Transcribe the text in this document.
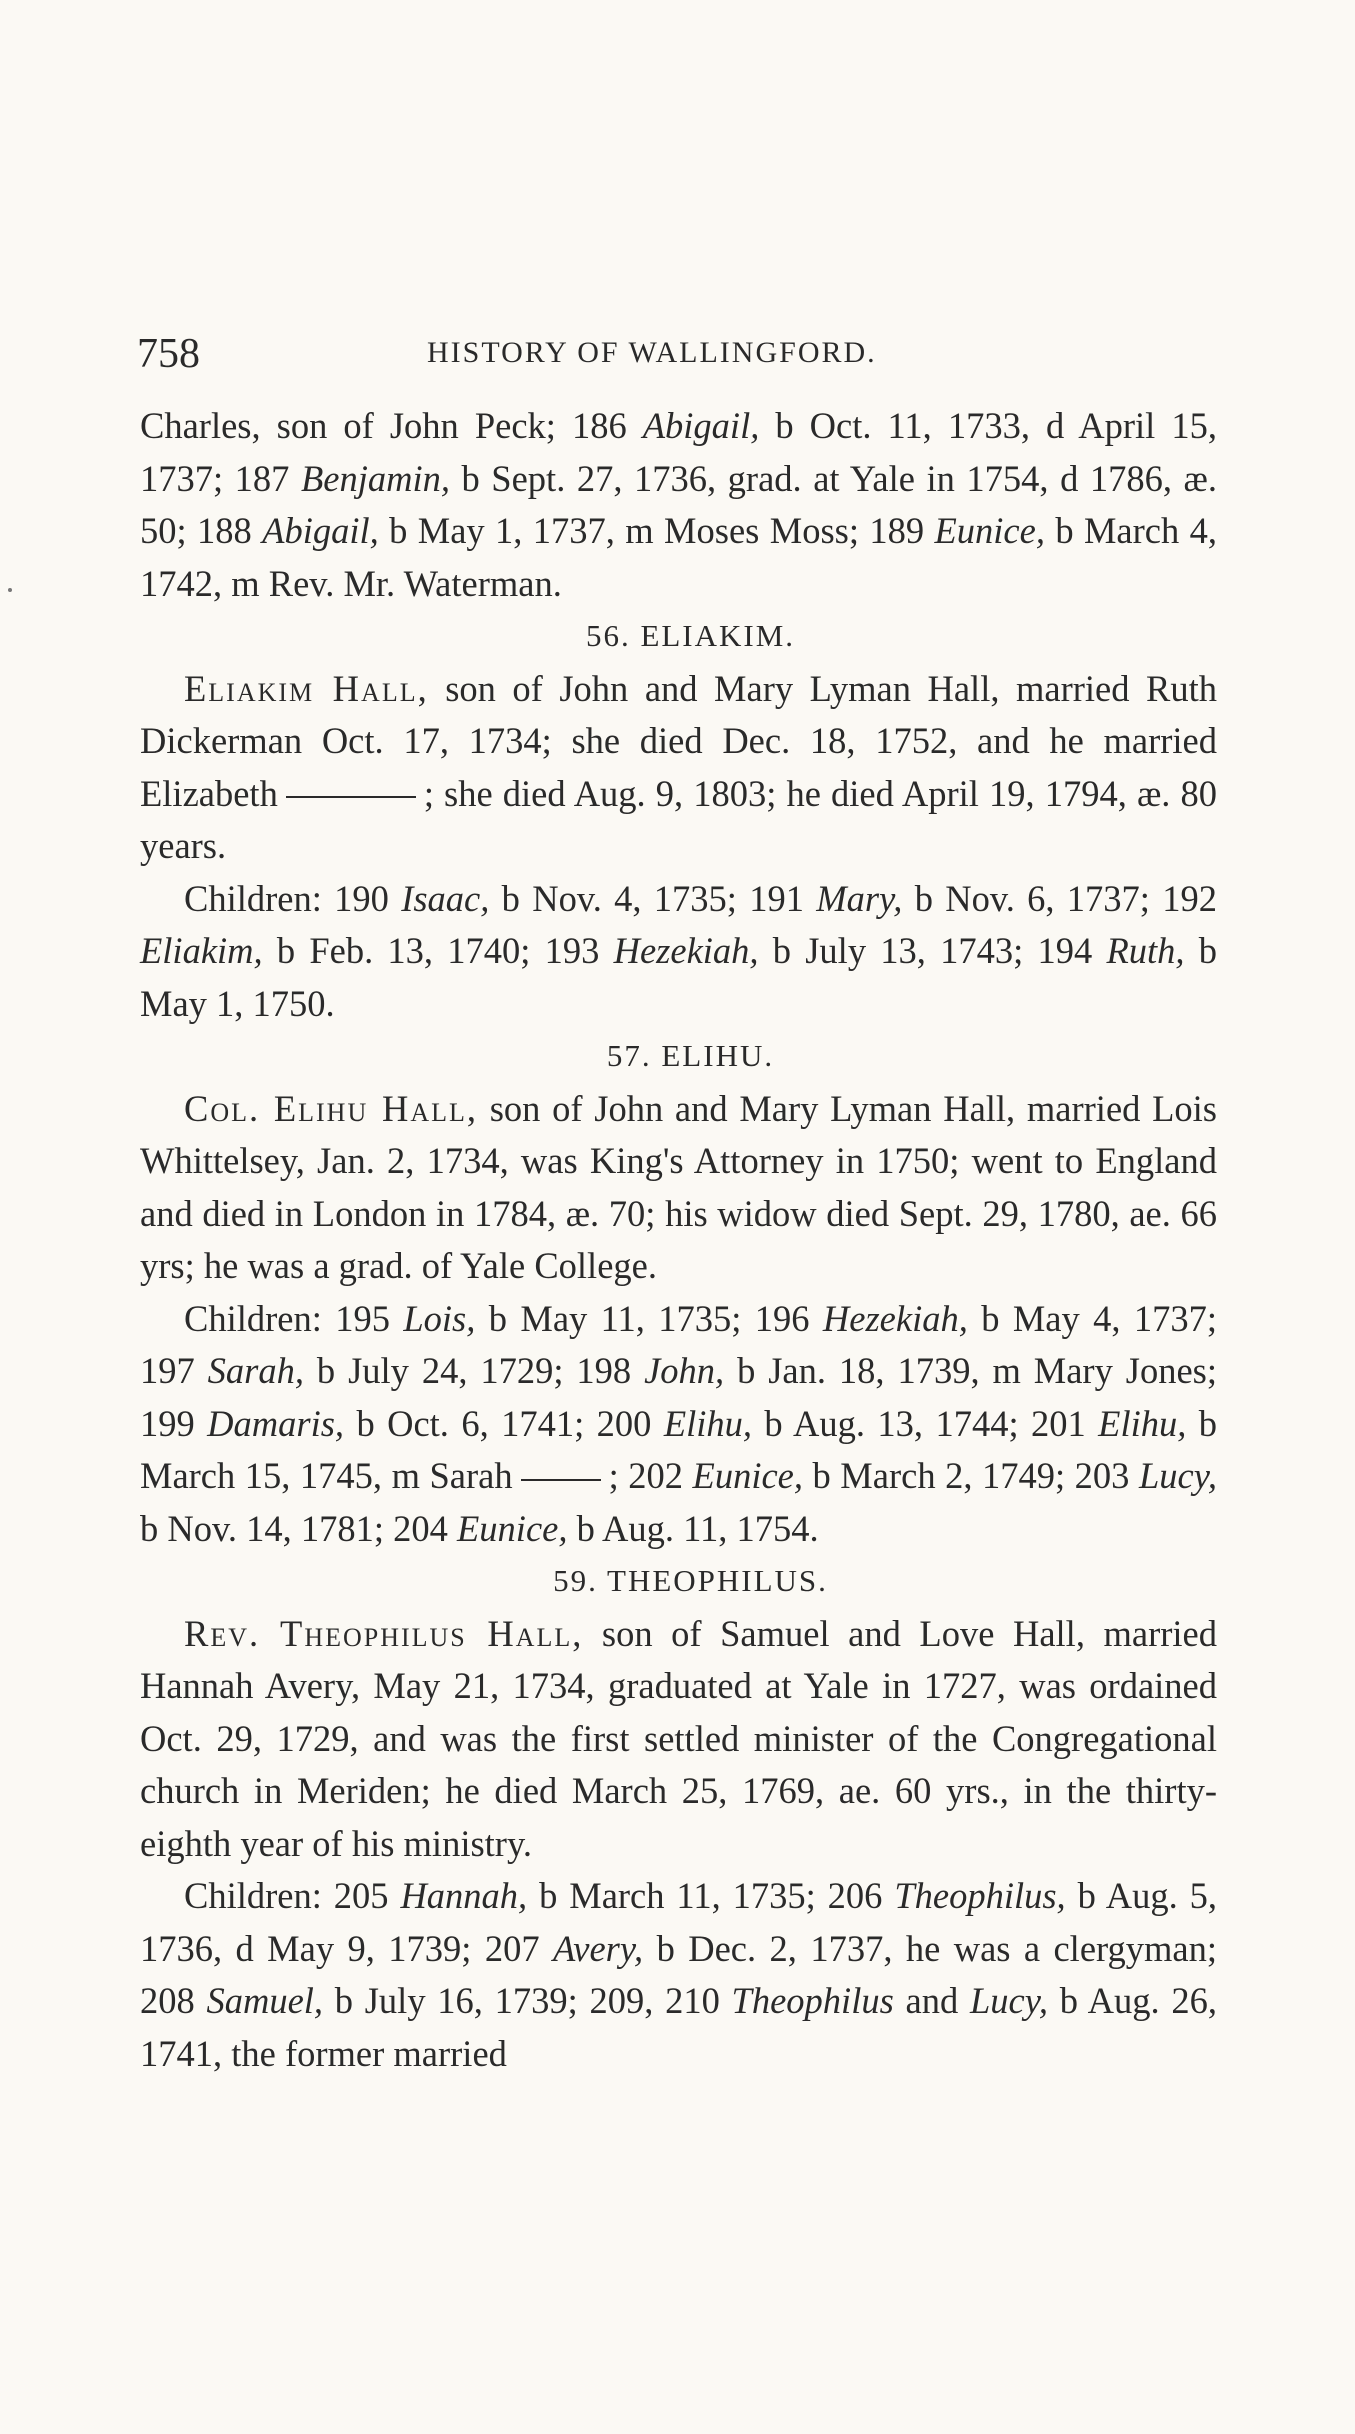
758	HISTORY OF WALLINGFORD.

Charles, son of John Peck; 186 Abigail, b Oct. 11, 1733, d April 15, 1737; 187 Benjamin, b Sept. 27, 1736, grad. at Yale in 1754, d 1786, æ. 50; 188 Abigail, b May 1, 1737, m Moses Moss; 189 Eunice, b March 4, 1742, m Rev. Mr. Waterman.

56. ELIAKIM.

Eliakim Hall, son of John and Mary Lyman Hall, married Ruth Dickerman Oct. 17, 1734; she died Dec. 18, 1752, and he married Elizabeth	; she died Aug. 9, 1803; he died April 19, 1794, æ. 80 years.

Children: 190 Isaac, b Nov. 4, 1735; 191 Mary, b Nov. 6, 1737; 192 Eliakim, b Feb. 13, 1740; 193 Hezekiah, b July 13, 1743; 194 Ruth, b May 1, 1750.

57. ELIHU.

Col. Elihu Hall, son of John and Mary Lyman Hall, married Lois Whittelsey, Jan. 2, 1734, was King's Attorney in 1750; went to England and died in London in 1784, æ. 70; his widow died Sept. 29, 1780, ae. 66 yrs; he was a grad. of Yale College.

Children: 195 Lois, b May 11, 1735; 196 Hezekiah, b May 4, 1737; 197 Sarah, b July 24, 1729; 198 John, b Jan. 18, 1739, m Mary Jones; 199 Damaris, b Oct. 6, 1741; 200 Elihu, b Aug. 13, 1744; 201 Elihu, b March 15, 1745, m Sarah	; 202 Eunice, b March 2, 1749; 203 Lucy, b Nov. 14, 1781; 204 Eunice, b Aug. 11, 1754.

59. THEOPHILUS.

Rev. Theophilus Hall, son of Samuel and Love Hall, married Hannah Avery, May 21, 1734, graduated at Yale in 1727, was ordained Oct. 29, 1729, and was the first settled minister of the Congregational church in Meriden; he died March 25, 1769, ae. 60 yrs., in the thirty-eighth year of his ministry.

Children: 205 Hannah, b March 11, 1735; 206 Theophilus, b Aug. 5, 1736, d May 9, 1739; 207 Avery, b Dec. 2, 1737, he was a clergyman; 208 Samuel, b July 16, 1739; 209, 210 Theophilus and Lucy, b Aug. 26, 1741, the former married
